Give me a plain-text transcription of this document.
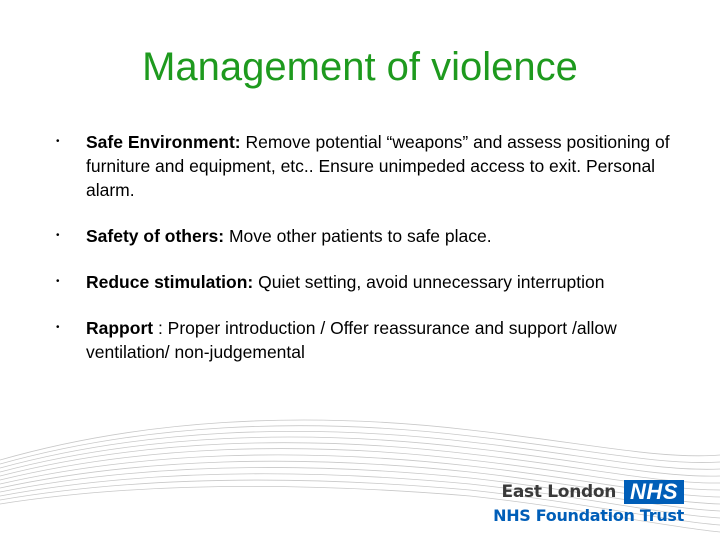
Management of violence
• Safe Environment: Remove potential “weapons” and assess positioning of furniture and equipment, etc.. Ensure unimpeded access to exit. Personal alarm.
• Safety of others: Move other patients to safe place.
• Reduce stimulation: Quiet setting, avoid unnecessary interruption
• Rapport : Proper introduction / Offer reassurance and support /allow ventilation/ non-judgemental
East London NHS
NHS Foundation Trust
